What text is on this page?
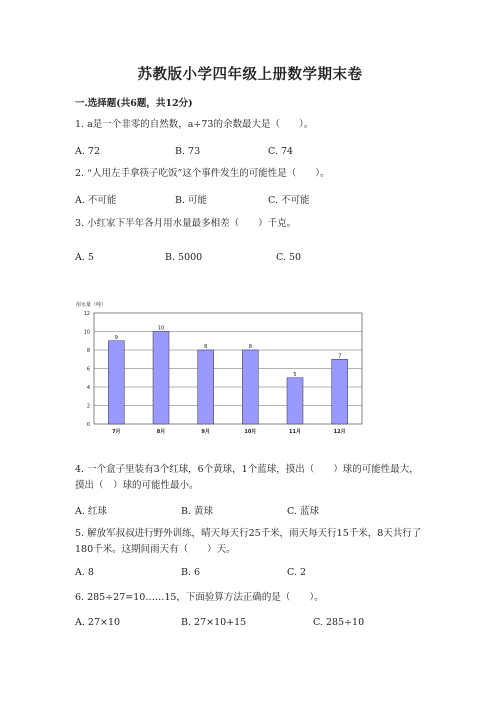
苏教版小学四年级上册数学期末卷
一.选择题(共6题，共12分)
1. a是一个非零的自然数，a÷73的余数最大是（　　）。
A. 72	B. 73	C. 74
2. “人用左手拿筷子吃饭”这个事件发生的可能性是（　　）。
A. 不可能	B. 可能	C. 不可能
3. 小红家下半年各月用水量最多相差（　　）千克。
A. 5	B. 5000	C. 50
用水量（吨）
0
2
4
6
8
10
12
9
7月
10
8月
8
9月
8
10月
5
11月
7
12月
4. 一个盒子里装有3个红球，6个黄球，1个蓝球，摸出（　　）球的可能性最大，摸出（　）球的可能性最小。
A. 红球	B. 黄球	C. 蓝球
5. 解放军叔叔进行野外训练，晴天每天行25千米，雨天每天行15千米，8天共行了180千米。这期间雨天有（　　）天。
A. 8	B. 6	C. 2
6. 285÷27=10……15，下面验算方法正确的是（　　）。
A. 27×10	B. 27×10+15	C. 285÷10
